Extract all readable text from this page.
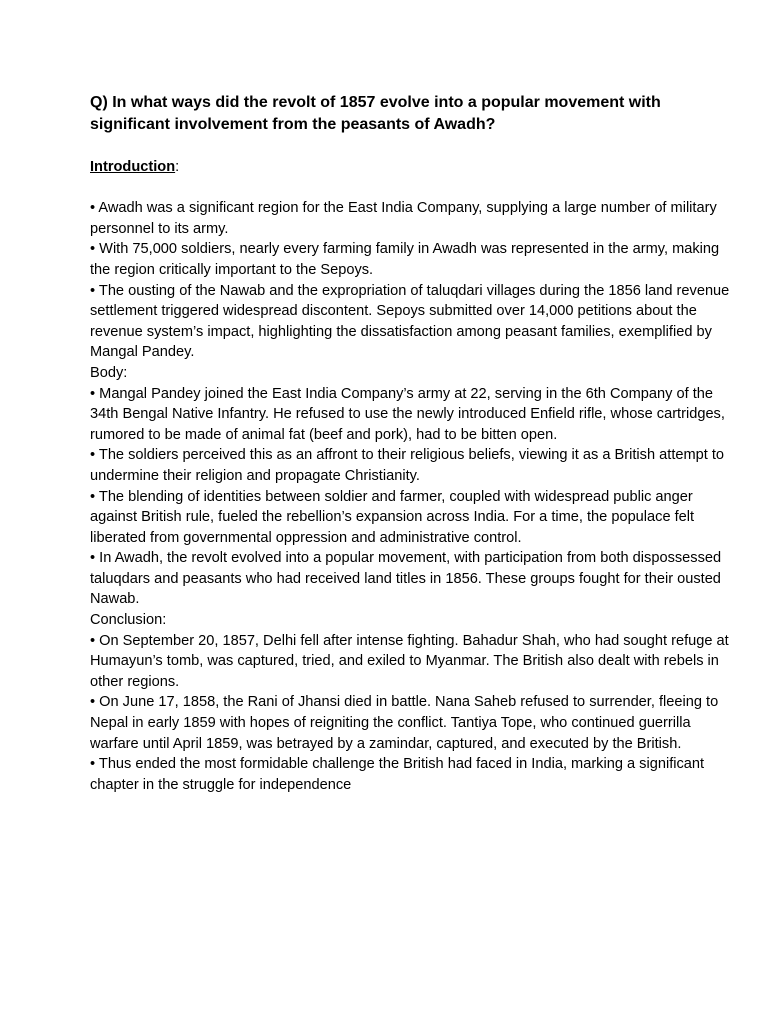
Q) In what ways did the revolt of 1857 evolve into a popular movement with significant involvement from the peasants of Awadh?

Introduction:

• Awadh was a significant region for the East India Company, supplying a large number of military personnel to its army.

• With 75,000 soldiers, nearly every farming family in Awadh was represented in the army, making the region critically important to the Sepoys.

• The ousting of the Nawab and the expropriation of taluqdari villages during the 1856 land revenue settlement triggered widespread discontent. Sepoys submitted over 14,000 petitions about the revenue system’s impact, highlighting the dissatisfaction among peasant families, exemplified by Mangal Pandey.

Body:

• Mangal Pandey joined the East India Company’s army at 22, serving in the 6th Company of the 34th Bengal Native Infantry. He refused to use the newly introduced Enfield rifle, whose cartridges, rumored to be made of animal fat (beef and pork), had to be bitten open.

• The soldiers perceived this as an affront to their religious beliefs, viewing it as a British attempt to undermine their religion and propagate Christianity.

• The blending of identities between soldier and farmer, coupled with widespread public anger against British rule, fueled the rebellion’s expansion across India. For a time, the populace felt liberated from governmental oppression and administrative control.

• In Awadh, the revolt evolved into a popular movement, with participation from both dispossessed taluqdars and peasants who had received land titles in 1856. These groups fought for their ousted Nawab.

Conclusion:

• On September 20, 1857, Delhi fell after intense fighting. Bahadur Shah, who had sought refuge at Humayun’s tomb, was captured, tried, and exiled to Myanmar. The British also dealt with rebels in other regions.

• On June 17, 1858, the Rani of Jhansi died in battle. Nana Saheb refused to surrender, fleeing to Nepal in early 1859 with hopes of reigniting the conflict. Tantiya Tope, who continued guerrilla warfare until April 1859, was betrayed by a zamindar, captured, and executed by the British.

• Thus ended the most formidable challenge the British had faced in India, marking a significant chapter in the struggle for independence
